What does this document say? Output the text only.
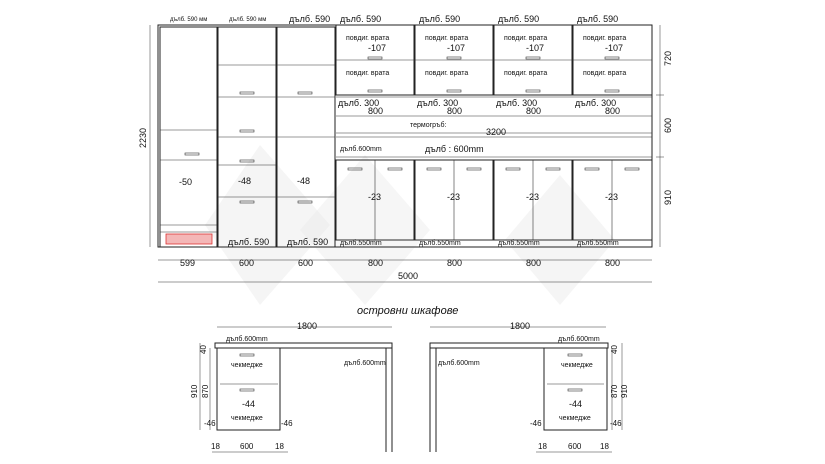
дълб. 590 мм	дълб. 590 мм	дълб. 590 дълб. 590	дълб. 590	дълб. 590	дълб. 590
повдиг. врата	повдиг. врата	повдиг. врата	повдиг. врата
-107	-107	-107	-107
повдиг. врата	повдиг. врата	повдиг. врата	повдиг. врата
дълб. 300	дълб. 300	дълб. 300	дълб. 300
800	800	800	800
термогръб:
3200
дълб.600mm	дълб : 600mm
-50	-48	-48
-23	-23	-23	-23
дълб. 590 дълб. 590 дълб.550mm	дълб.550mm	дълб.550mm	дълб.550mm
599	600	600	800	800	800	800
5000
2230
720
600
910
островни шкафове
1800
дълб.600mm
дълб.600mm
чекмедже
-44
чекмедже
40
910 870
-46	-46
18	600	18
1800
дълб.600mm
дълб.600mm	чекмедже
-44
чекмедже
40
910
870
-46	-46
18	600 18
